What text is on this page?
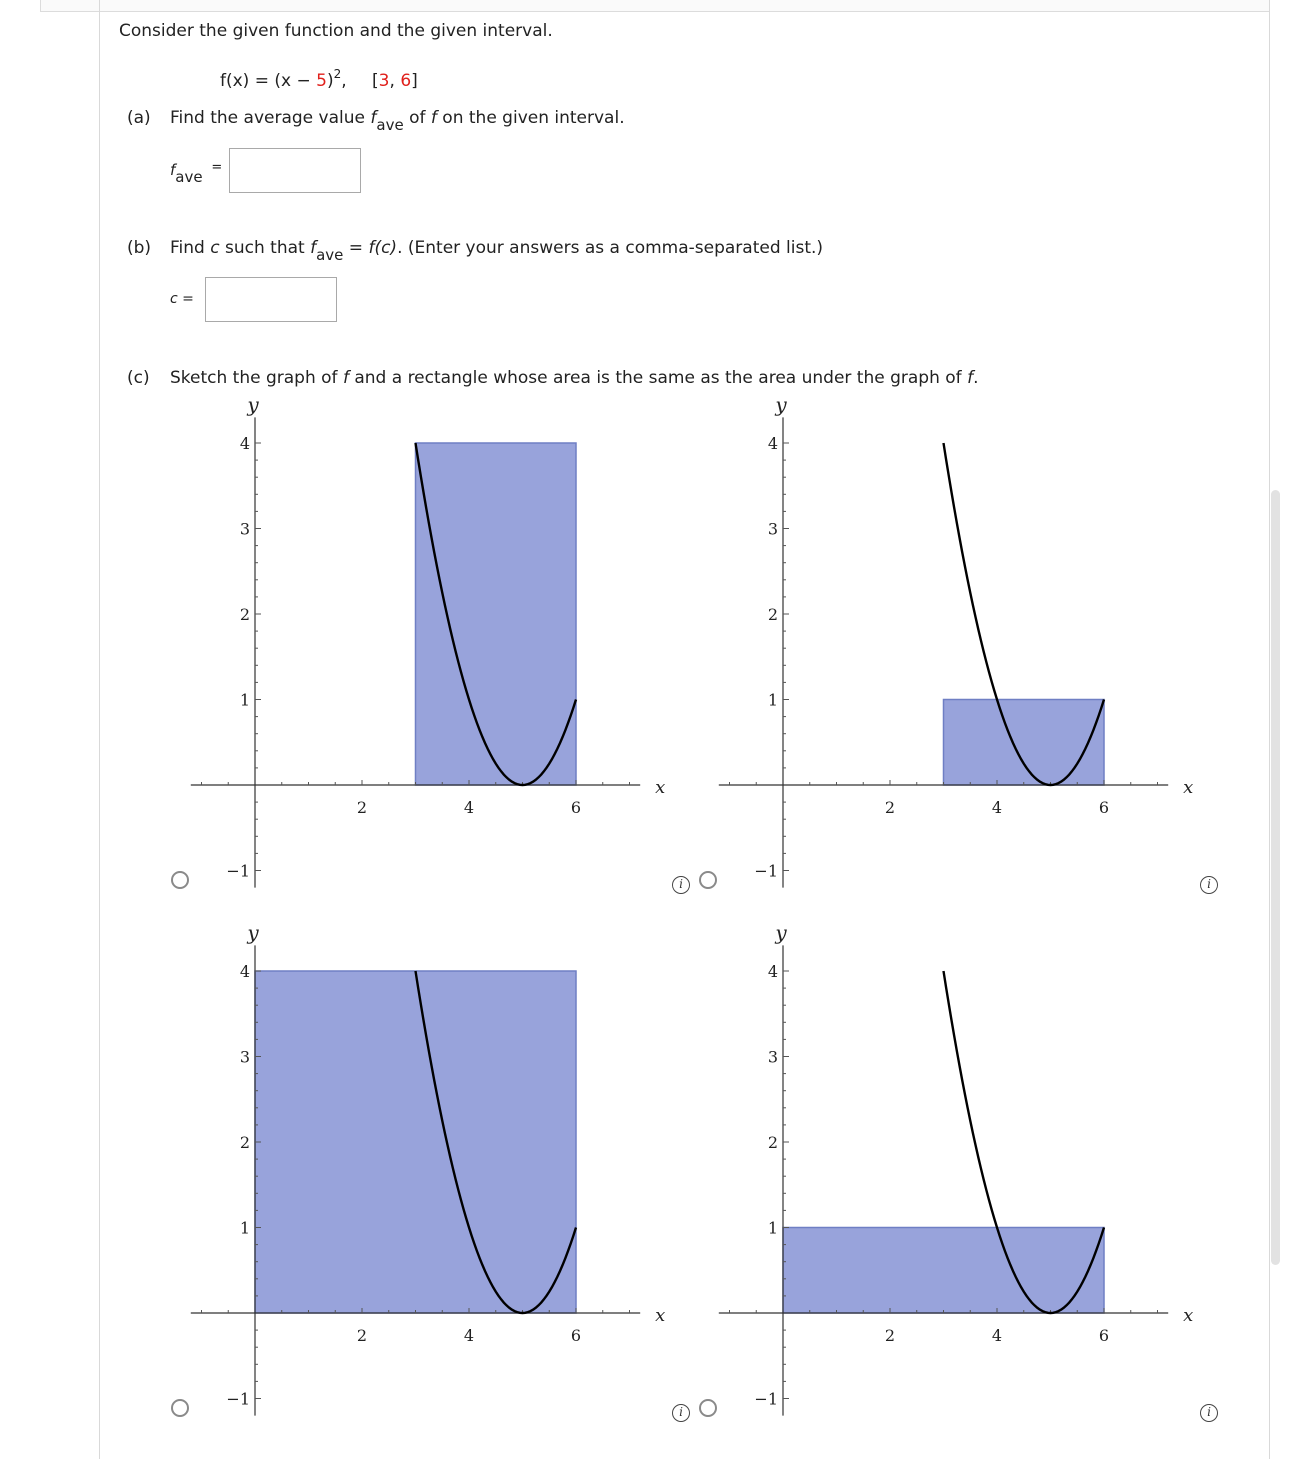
Consider the given function and the given interval.
$f(x) = (x - 5)^2$, [3, 6]
(a) Find the average value $f_{ave}$ of f on the given interval.
$f_{ave}$ =
(b) Find c such that $f_{ave} = f(c)$. (Enter your answers as a comma-separated list.)
c =
(c) Sketch the graph of f and a rectangle whose area is the same as the area under the graph of f.
2	4	6
4
3
2
1
−1
x
y
2	4	6
4
3
2
1
−1
x
y
2	4	6
4
3
2
1
−1
x
y
2	4	6
4
3
2
1
−1
x
y
i	i
i	i
